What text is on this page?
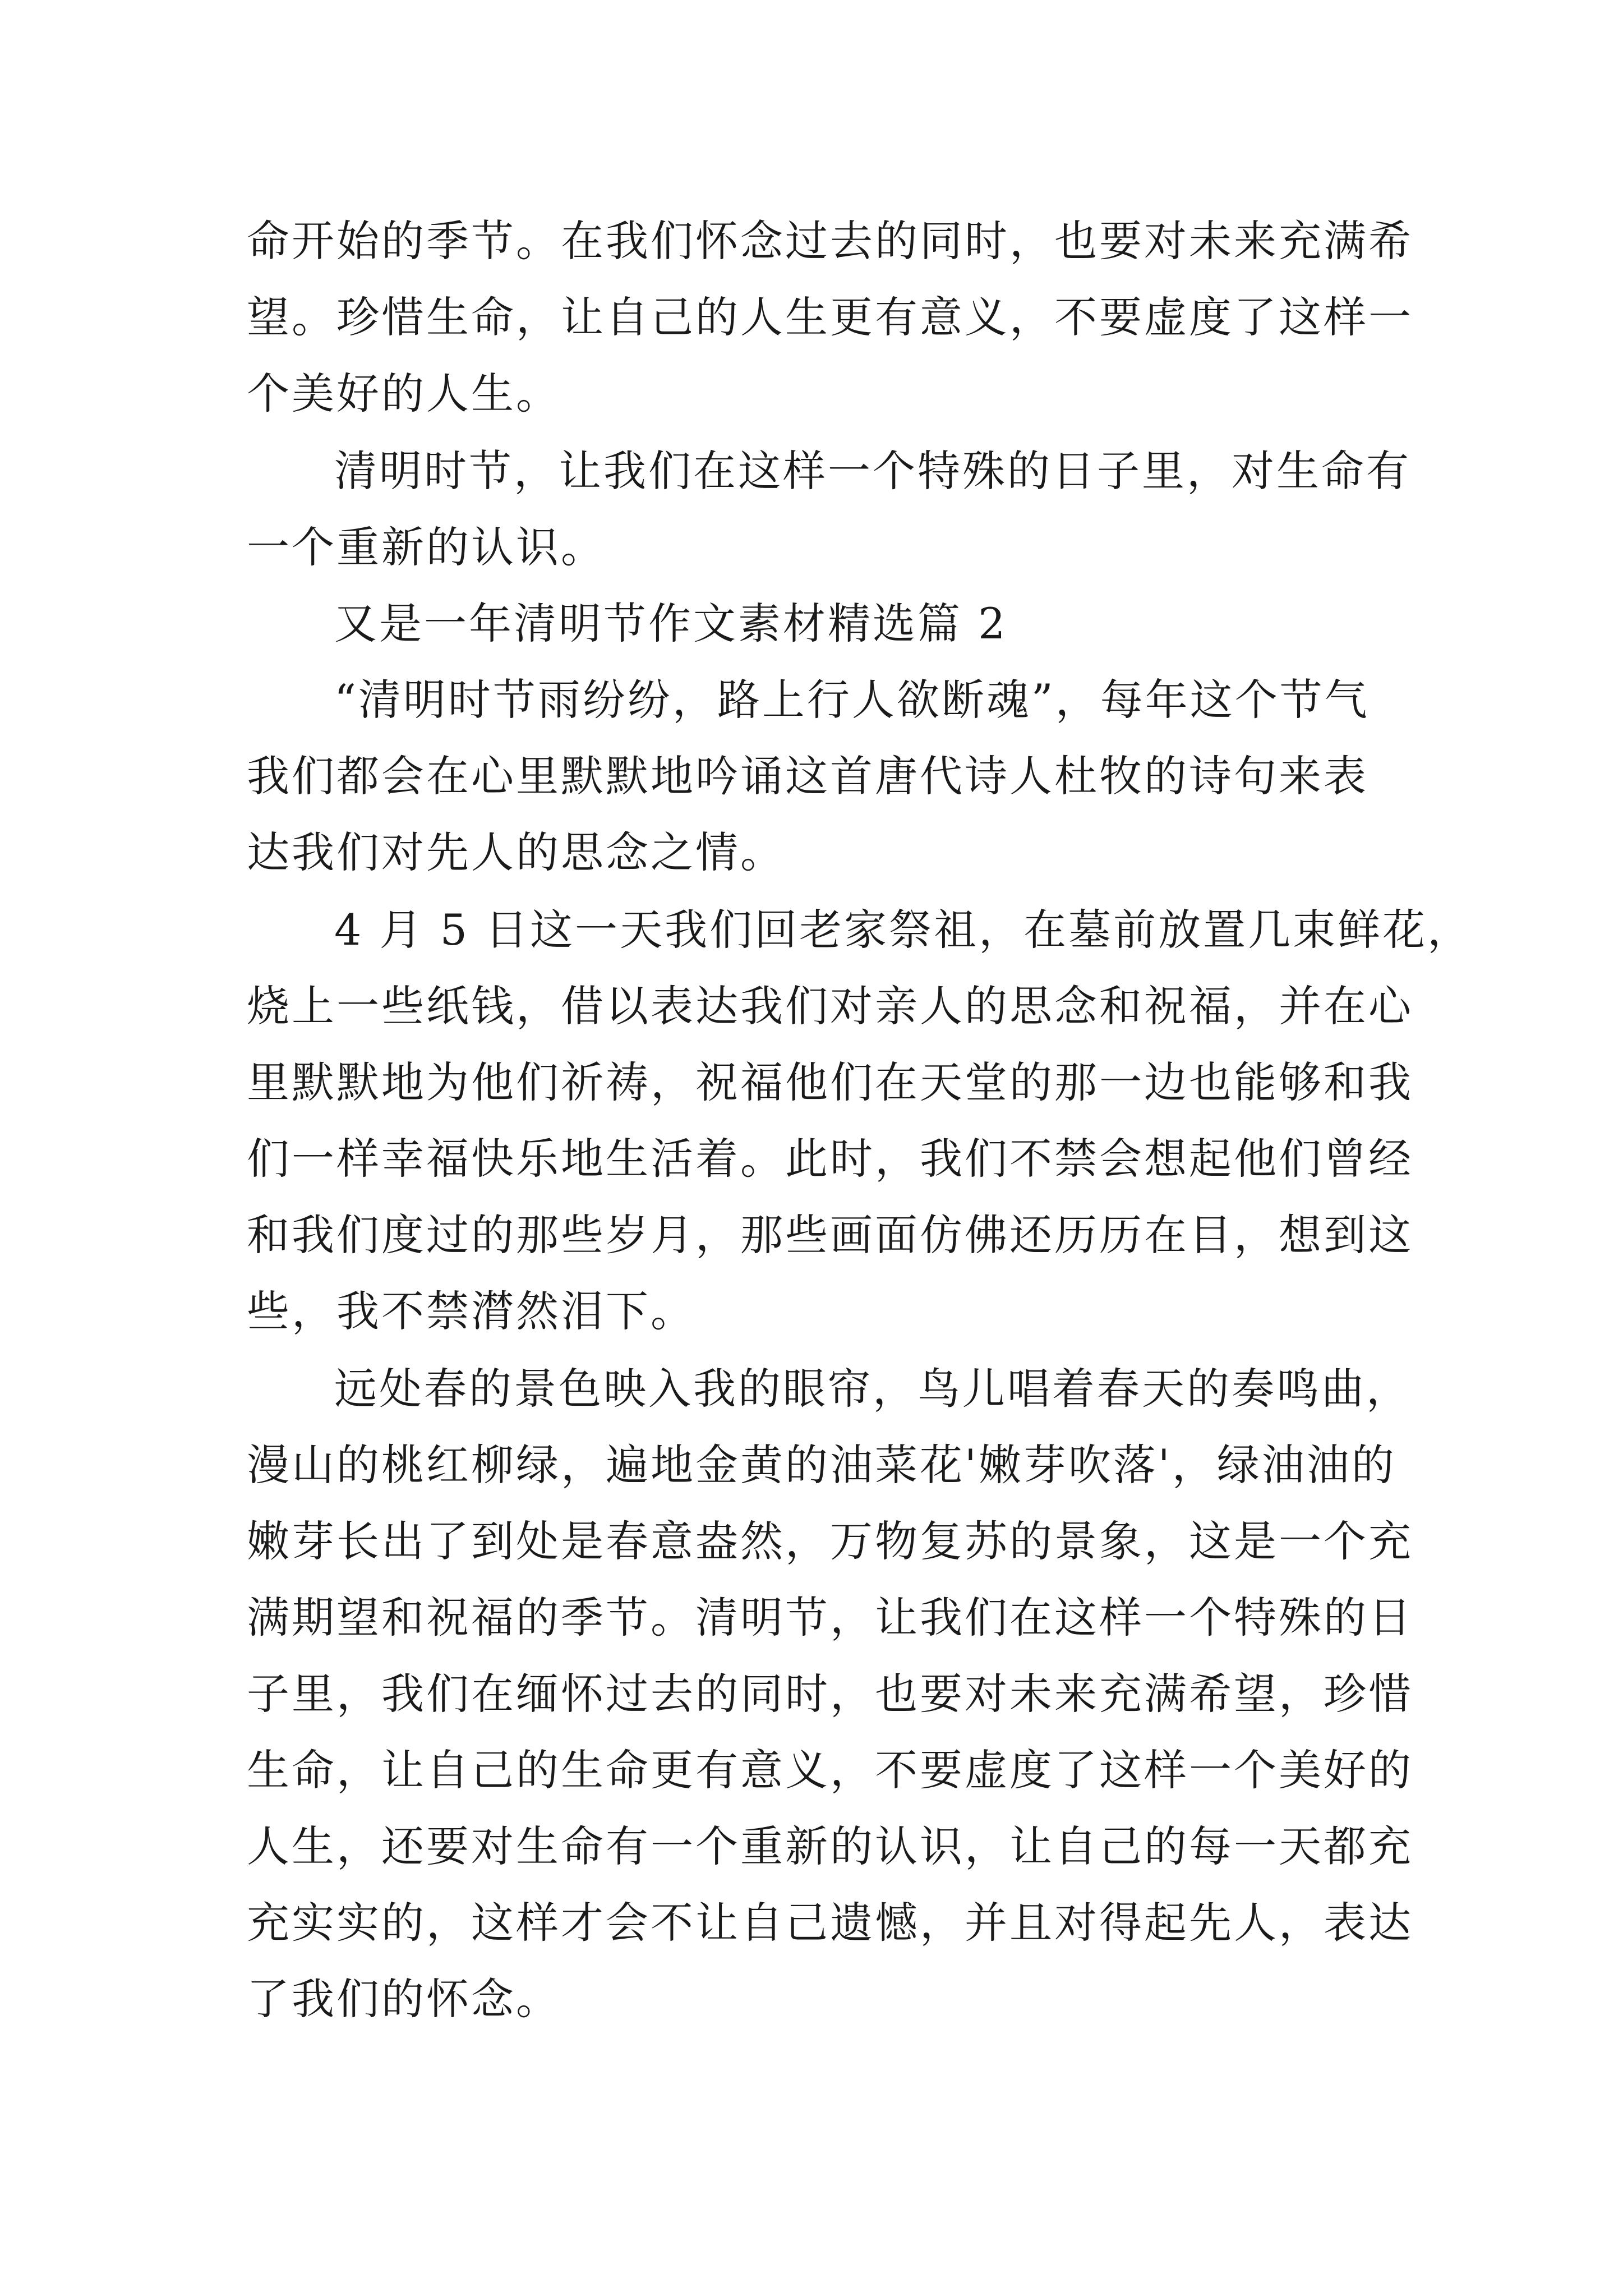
命开始的季节。在我们怀念过去的同时，也要对未来充满希

望。珍惜生命，让自己的人生更有意义，不要虚度了这样一

个美好的人生。

清明时节，让我们在这样一个特殊的日子里，对生命有

一个重新的认识。

又是一年清明节作文素材精选篇 2

“清明时节雨纷纷，路上行人欲断魂”，每年这个节气

我们都会在心里默默地吟诵这首唐代诗人杜牧的诗句来表

达我们对先人的思念之情。

4 月 5 日这一天我们回老家祭祖，在墓前放置几束鲜花，

烧上一些纸钱，借以表达我们对亲人的思念和祝福，并在心

里默默地为他们祈祷，祝福他们在天堂的那一边也能够和我

们一样幸福快乐地生活着。此时，我们不禁会想起他们曾经

和我们度过的那些岁月，那些画面仿佛还历历在目，想到这

些，我不禁潸然泪下。

远处春的景色映入我的眼帘，鸟儿唱着春天的奏鸣曲，

漫山的桃红柳绿，遍地金黄的油菜花'嫩芽吹落'，绿油油的

嫩芽长出了到处是春意盎然，万物复苏的景象，这是一个充

满期望和祝福的季节。清明节，让我们在这样一个特殊的日

子里，我们在缅怀过去的同时，也要对未来充满希望，珍惜

生命，让自己的生命更有意义，不要虚度了这样一个美好的

人生，还要对生命有一个重新的认识，让自己的每一天都充

充实实的，这样才会不让自己遗憾，并且对得起先人，表达

了我们的怀念。
